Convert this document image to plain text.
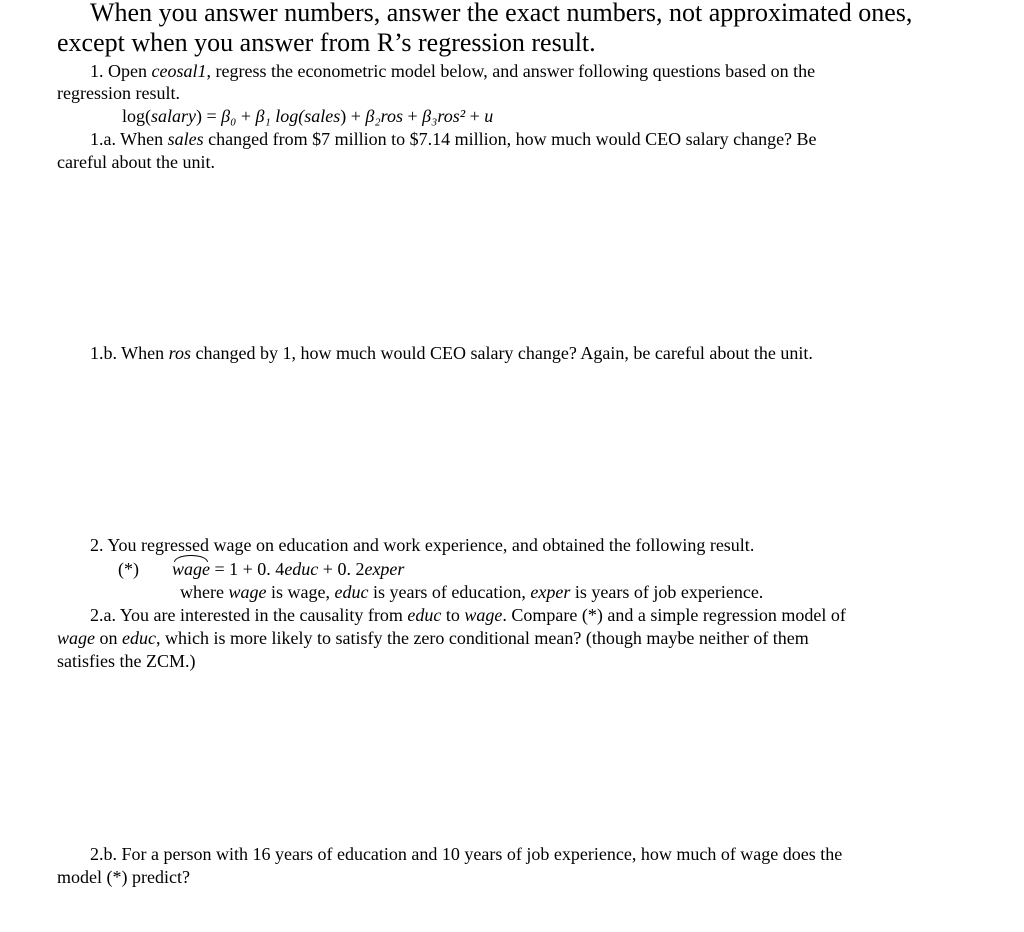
When you answer numbers, answer the exact numbers, not approximated ones,
except when you answer from R’s regression result.
1. Open ceosal1, regress the econometric model below, and answer following questions based on the
regression result.
log(salary) = β₀ + β₁ log(sales) + β₂ros + β₃ros² + u
1.a. When sales changed from $7 million to $7.14 million, how much would CEO salary change? Be
careful about the unit.
1.b. When ros changed by 1, how much would CEO salary change? Again, be careful about the unit.
2. You regressed wage on education and work experience, and obtained the following result.
(*) wage = 1 + 0. 4educ + 0. 2exper
where wage is wage, educ is years of education, exper is years of job experience.
2.a. You are interested in the causality from educ to wage. Compare (*) and a simple regression model of
wage on educ, which is more likely to satisfy the zero conditional mean? (though maybe neither of them
satisfies the ZCM.)
2.b. For a person with 16 years of education and 10 years of job experience, how much of wage does the
model (*) predict?
